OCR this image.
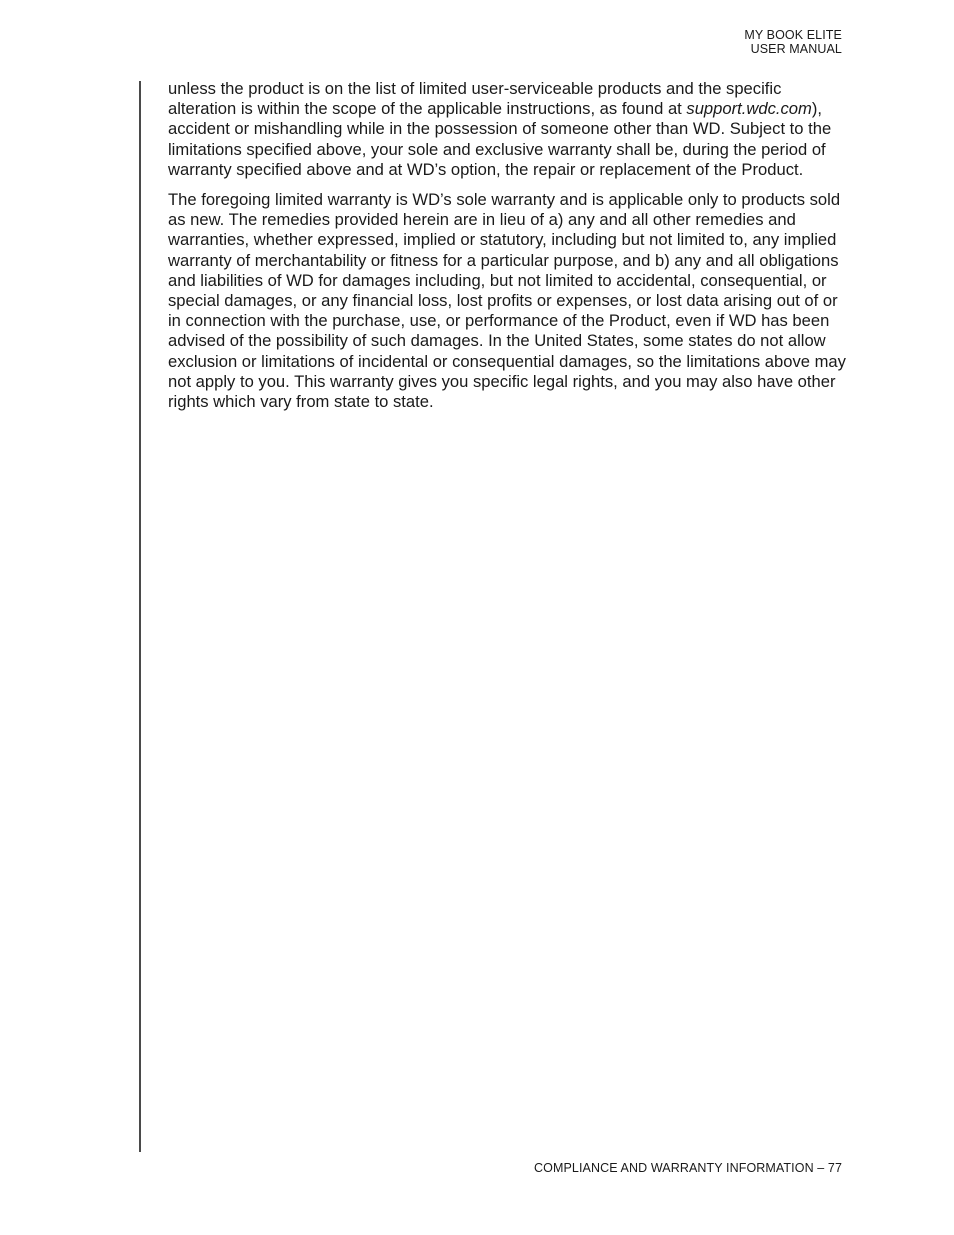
MY BOOK ELITE
USER MANUAL

unless the product is on the list of limited user-serviceable products and the specific alteration is within the scope of the applicable instructions, as found at support.wdc.com), accident or mishandling while in the possession of someone other than WD. Subject to the limitations specified above, your sole and exclusive warranty shall be, during the period of warranty specified above and at WD’s option, the repair or replacement of the Product.

The foregoing limited warranty is WD’s sole warranty and is applicable only to products sold as new. The remedies provided herein are in lieu of a) any and all other remedies and warranties, whether expressed, implied or statutory, including but not limited to, any implied warranty of merchantability or fitness for a particular purpose, and b) any and all obligations and liabilities of WD for damages including, but not limited to accidental, consequential, or special damages, or any financial loss, lost profits or expenses, or lost data arising out of or in connection with the purchase, use, or performance of the Product, even if WD has been advised of the possibility of such damages. In the United States, some states do not allow exclusion or limitations of incidental or consequential damages, so the limitations above may not apply to you. This warranty gives you specific legal rights, and you may also have other rights which vary from state to state.

COMPLIANCE AND WARRANTY INFORMATION – 77
